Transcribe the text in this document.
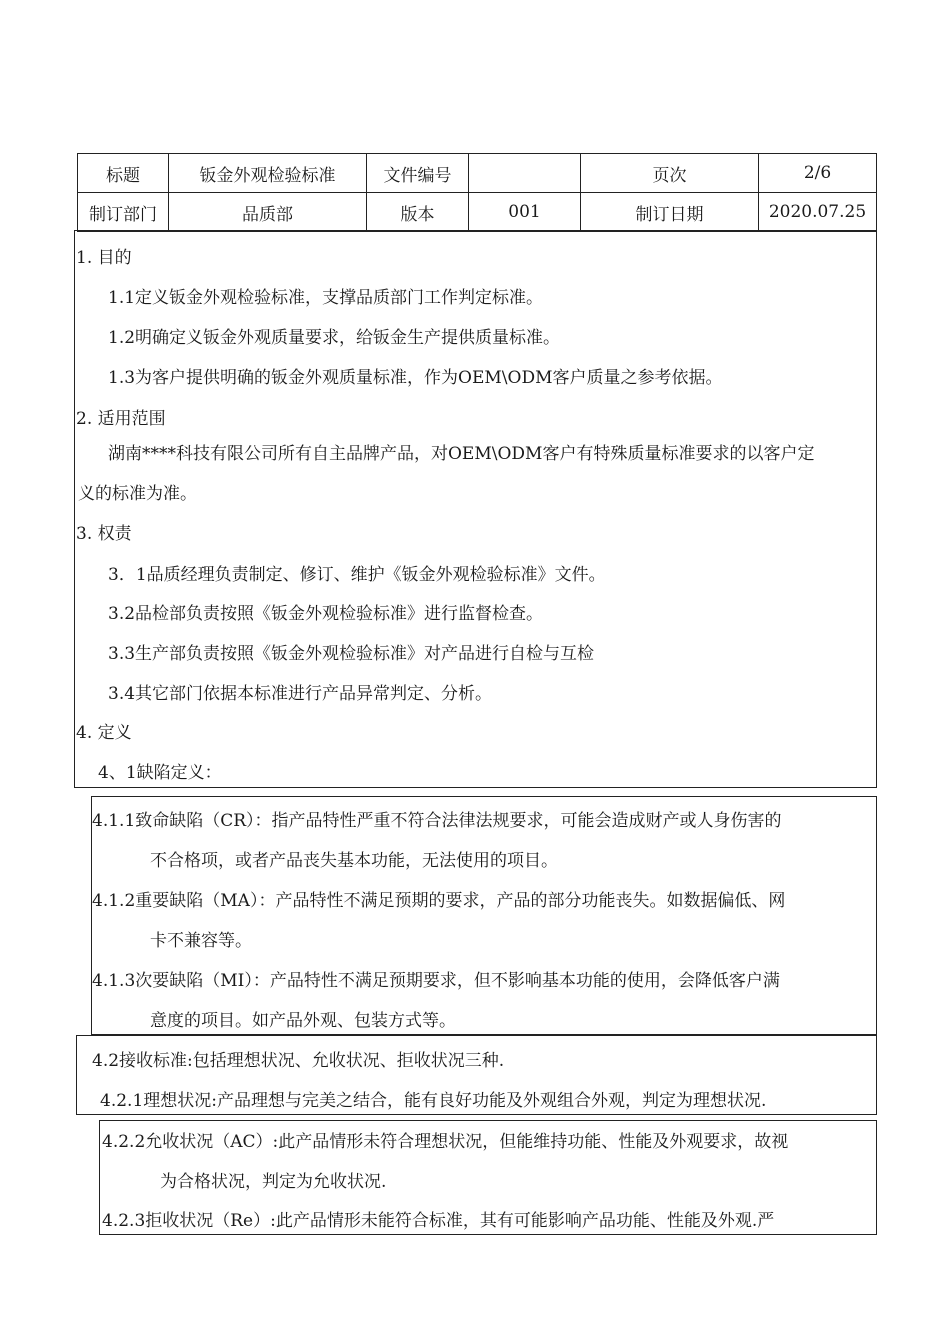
标题	钣金外观检验标准	文件编号		页次	2/6
制订部门	品质部	版本	001	制订日期	2020.07.25
1. 目的
1.1定义钣金外观检验标准，支撑品质部门工作判定标准。
1.2明确定义钣金外观质量要求，给钣金生产提供质量标准。
1.3为客户提供明确的钣金外观质量标准，作为OEM\ODM客户质量之参考依据。
2. 适用范围
湖南****科技有限公司所有自主品牌产品，对OEM\ODM客户有特殊质量标准要求的以客户定
义的标准为准。
3. 权责
3．1品质经理负责制定、修订、维护《钣金外观检验标准》文件。
3.2品检部负责按照《钣金外观检验标准》进行监督检查。
3.3生产部负责按照《钣金外观检验标准》对产品进行自检与互检
3.4其它部门依据本标准进行产品异常判定、分析。
4. 定义
4、1缺陷定义：
4.1.1致命缺陷（CR）：指产品特性严重不符合法律法规要求，可能会造成财产或人身伤害的
不合格项，或者产品丧失基本功能，无法使用的项目。
4.1.2重要缺陷（MA）：产品特性不满足预期的要求，产品的部分功能丧失。如数据偏低、网
卡不兼容等。
4.1.3次要缺陷（MI）：产品特性不满足预期要求，但不影响基本功能的使用，会降低客户满
意度的项目。如产品外观、包装方式等。
4.2接收标准:包括理想状况、允收状况、拒收状况三种.
4.2.1理想状况:产品理想与完美之结合，能有良好功能及外观组合外观，判定为理想状况.
4.2.2允收状况（AC）:此产品情形未符合理想状况，但能维持功能、性能及外观要求，故视
为合格状况，判定为允收状况.
4.2.3拒收状况（Re）:此产品情形未能符合标准，其有可能影响产品功能、性能及外观.严
